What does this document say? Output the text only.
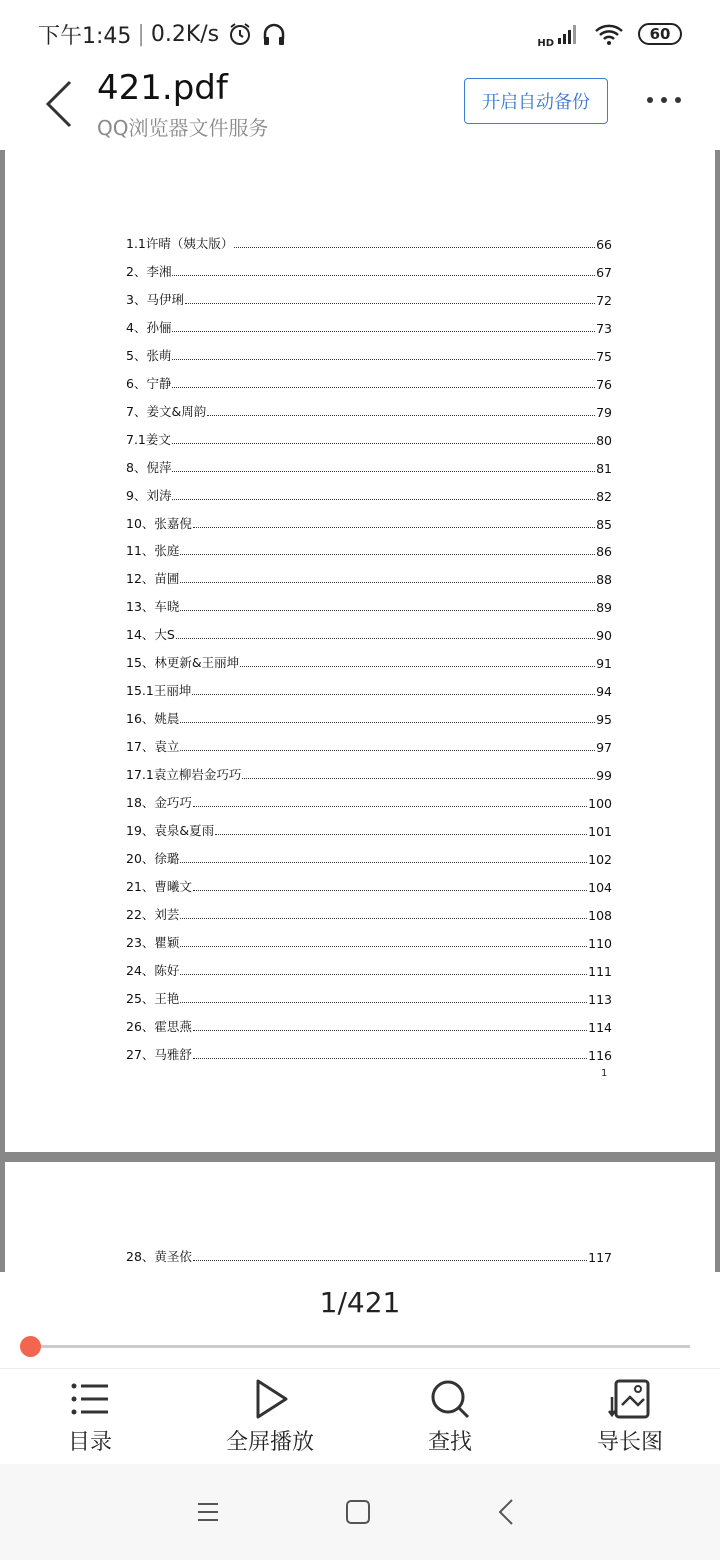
下午1:45 | 0.2K/s	HD	60
421.pdf
QQ浏览器文件服务
开启自动备份
1.1许晴（姨太版）	66
2、李湘	67
3、马伊琍	72
4、孙俪	73
5、张萌	75
6、宁静	76
7、姜文&周韵	79
7.1姜文	80
8、倪萍	81
9、刘涛	82
10、张嘉倪	85
11、张庭	86
12、苗圃	88
13、车晓	89
14、大S	90
15、林更新&王丽坤	91
15.1王丽坤	94
16、姚晨	95
17、袁立	97
17.1袁立柳岩金巧巧	99
18、金巧巧	100
19、袁泉&夏雨	101
20、徐璐	102
21、曹曦文	104
22、刘芸	108
23、瞿颖	110
24、陈好	111
25、王艳	113
26、霍思燕	114
27、马雅舒	116
1
28、黄圣依	117
1/421
目录	全屏播放	查找	导长图
